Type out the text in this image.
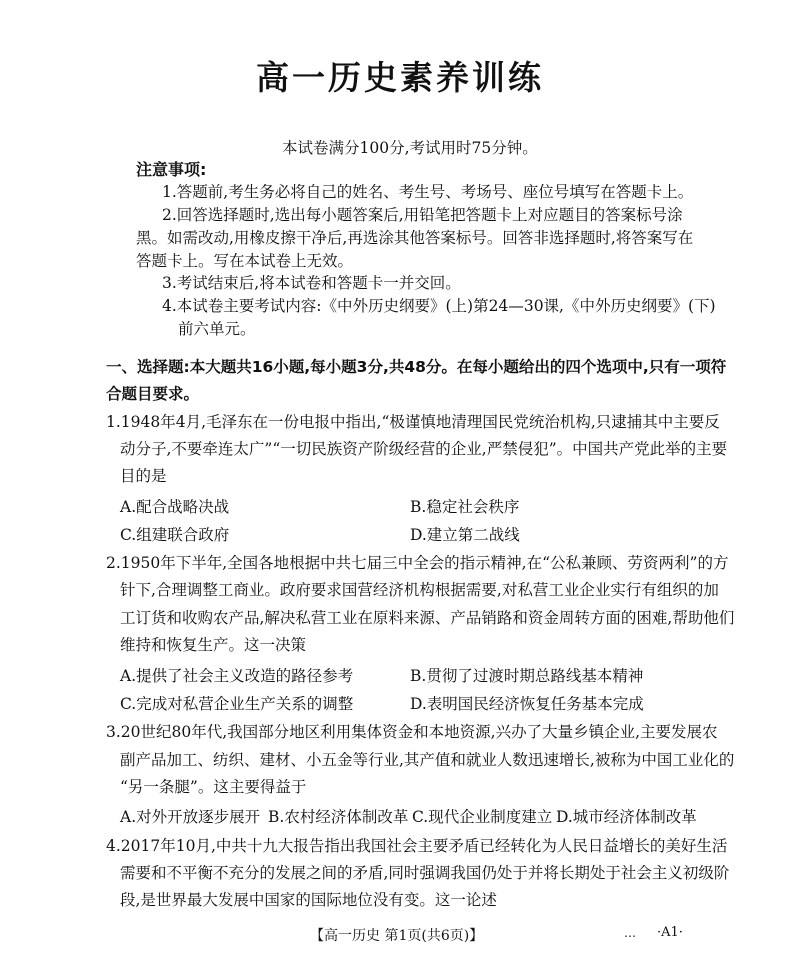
高一历史素养训练
本试卷满分100分,考试用时75分钟。
注意事项:
1.答题前,考生务必将自己的姓名、考生号、考场号、座位号填写在答题卡上。
2.回答选择题时,选出每小题答案后,用铅笔把答题卡上对应题目的答案标号涂
黑。如需改动,用橡皮擦干净后,再选涂其他答案标号。回答非选择题时,将答案写在
答题卡上。写在本试卷上无效。
3.考试结束后,将本试卷和答题卡一并交回。
4.本试卷主要考试内容:《中外历史纲要》(上)第24—30课,《中外历史纲要》(下)
前六单元。
一、选择题:本大题共16小题,每小题3分,共48分。在每小题给出的四个选项中,只有一项符
合题目要求。
1.1948年4月,毛泽东在一份电报中指出,“极谨慎地清理国民党统治机构,只逮捕其中主要反
动分子,不要牵连太广”“一切民族资产阶级经营的企业,严禁侵犯”。中国共产党此举的主要
目的是
A.配合战略决战	B.稳定社会秩序
C.组建联合政府	D.建立第二战线
2.1950年下半年,全国各地根据中共七届三中全会的指示精神,在“公私兼顾、劳资两利”的方
针下,合理调整工商业。政府要求国营经济机构根据需要,对私营工业企业实行有组织的加
工订货和收购农产品,解决私营工业在原料来源、产品销路和资金周转方面的困难,帮助他们
维持和恢复生产。这一决策
A.提供了社会主义改造的路径参考	B.贯彻了过渡时期总路线基本精神
C.完成对私营企业生产关系的调整	D.表明国民经济恢复任务基本完成
3.20世纪80年代,我国部分地区利用集体资金和本地资源,兴办了大量乡镇企业,主要发展农
副产品加工、纺织、建材、小五金等行业,其产值和就业人数迅速增长,被称为中国工业化的
“另一条腿”。这主要得益于
A.对外开放逐步展开 B.农村经济体制改革 C.现代企业制度建立 D.城市经济体制改革
4.2017年10月,中共十九大报告指出我国社会主要矛盾已经转化为人民日益增长的美好生活
需要和不平衡不充分的发展之间的矛盾,同时强调我国仍处于并将长期处于社会主义初级阶
段,是世界最大发展中国家的国际地位没有变。这一论述
【高一历史 第1页(共6页)】	… ·A1·
